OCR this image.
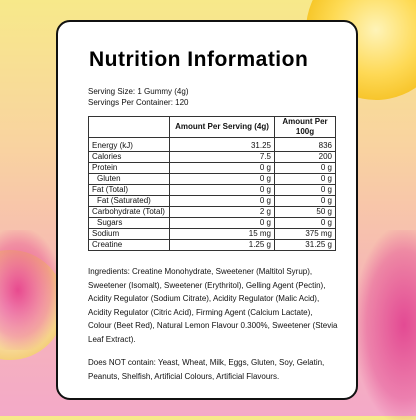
Nutrition Information
Serving Size: 1 Gummy (4g)
Servings Per Container: 120
	Amount Per Serving (4g)	Amount Per 100g
Energy (kJ)	31.25	836
Calories	7.5	200
Protein	0 g	0 g
Gluten	0 g	0 g
Fat (Total)	0 g	0 g
Fat (Saturated)	0 g	0 g
Carbohydrate (Total)	2 g	50 g
Sugars	0 g	0 g
Sodium	15 mg	375 mg
Creatine	1.25 g	31.25 g
Ingredients: Creatine Monohydrate, Sweetener (Maltitol Syrup), Sweetener (Isomalt), Sweetener (Erythritol), Gelling Agent (Pectin), Acidity Regulator (Sodium Citrate), Acidity Regulator (Malic Acid), Acidity Regulator (Citric Acid), Firming Agent (Calcium Lactate), Colour (Beet Red), Natural Lemon Flavour 0.300%, Sweetener (Stevia Leaf Extract).
Does NOT contain: Yeast, Wheat, Milk, Eggs, Gluten, Soy, Gelatin, Peanuts, Shelfish, Artificial Colours, Artificial Flavours.
